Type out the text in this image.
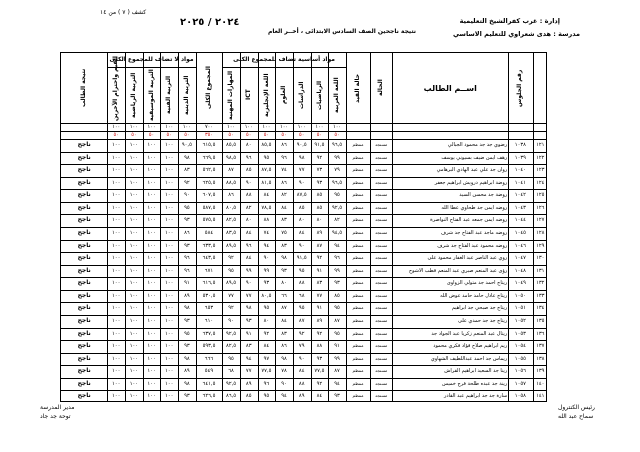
كشف ( ٧ ) من ١٤
إدارة : غرب كفرالشيخ التعليمية
مدرسة : هدى شعراوي للتعليم الاساسي
نتيجة ناجحين الصف السادس الابتدائى ، أخــر العام
٢٠٢٤ / ٢٠٢٥
مواد أساسية تضاف للمجموع الكلى
مواد لا تضاف للمجموع الكلى
رقم الجلوس
اســم الطالب
الحالة
حالة القيد
اللغة العربية
الرياضيات
الدراسات
العلوم
اللغة الإنجليزية
ICT
المهارات المهنية
المجموع الكلى
التربية الدينية
التربية الفنية
التربية الموسيقية
التربية الرياضية
القيم واحترام الآخرين
نتيجة الطالب
١٠٠
٥٠
١٠٠
٥٠
١٠٠
٥٠
١٠٠
٥٠
١٠٠
٥٠
١٠٠
٥٠
١٠٠
٥٠
٧٠٠
٣٥٠
١٠٠
٥٠
١٠٠
٥٠
١٠٠
٥٠
١٠٠
٥٠
١٠٠
٥٠
١٢١
١٠٣٨
رضوي جد جد محمود الجبالي
مستجد
منتظم
٩٦,٥
٩١,٥
٩٠,٥
٨٦
٨٥,٥
٨٠
٨٥,٥
٦١٥,٥
٩٠,٥
١٠٠
١٠٠
١٠٠
١٠٠
ناجح
١٢٢
١٠٣٩
رهف ايمن ضيف بسيوني يوسف
مستجد
منتظم
٩٩
٩٢
٩٨
٩٦
٩٥
٩٦
٩٨,٥
٦٦٩,٥
٩٨
١٠٠
١٠٠
١٠٠
١٠٠
ناجح
١٢٣
١٠٤٠
روان جد علي عبد الهادي البرهامي
مستجد
منتظم
٧٩
٧٣
٧٧
٧٤
٨٧,٥
٨٥
٨٧
٥٦٢,٥
٨٣
١٠٠
١٠٠
١٠٠
١٠٠
ناجح
١٢٤
١٠٤١
روضة ابراهيم درويش ابراهيم جعفر
مستجد
منتظم
٩٦,٥
٩٣
٩٠
٨٦
٨١,٥
٩٠
٨٨,٥
٦٢٥,٥
٩٢
١٠٠
١٠٠
١٠٠
١٠٠
ناجح
١٢٥
١٠٤٢
روضة جد محسن السيد
مستجد
منتظم
٩٥
٨٥
٨٧,٥
٨٢
٨٤
٨٨
٨٦
٦٠٧,٥
٩٠
١٠٠
١٠٠
١٠٠
١٠٠
ناجح
١٢٦
١٠٤٣
روضه ايمن جد طحاوي عطا الله
مستجد
منتظم
٩٢,٥
٨٥
٨٥
٨٤
٧٨,٥
٨٢
٨٠,٥
٥٨٧,٥
٩٥
١٠٠
١٠٠
١٠٠
١٠٠
ناجح
١٢٧
١٠٤٤
روضه ايمن جمعه عبد الفتاح النواصرة
مستجد
منتظم
٨٢
٨٠
٨٠
٨٣
٨٨
٨٠
٨٢,٥
٥٧٥,٥
٩٣
١٠٠
١٠٠
١٠٠
١٠٠
ناجح
١٢٨
١٠٤٥
روضه ماجد عبد الفتاح جد شرف
مستجد
منتظم
٩٤,٥
٨٩
٨٤
٧٥
٧٤
٨٤
٨٣,٥
٥٨٤
٨٦
١٠٠
١٠٠
١٠٠
١٠٠
ناجح
١٢٩
١٠٤٦
روضه محمود عبد الفتاح جد شرف
مستجد
منتظم
٩٤
٨٧
٩٠
٨٣
٩٤
٩٦
٨٩,٥
٦٣٣,٥
٩٣
١٠٠
١٠٠
١٠٠
١٠٠
ناجح
١٣٠
١٠٤٧
روي عبد الناصر عبد الغفار محمود على
مستجد
منتظم
٩٦
٩٢
٩١,٥
٩٨
٩٠
٨٤
٩٢
٦٤٣,٥
٩٦
١٠٠
١٠٠
١٠٠
١٠٠
ناجح
١٣١
١٠٤٨
رؤى عبد المنعم صبري عبد المنعم قطب الاشوح
مستجد
منتظم
٩٩
٩١
٩٥
٩٣
٩٩
٩٩
٩٥
٦٧١
٩٦
١٠٠
١٠٠
١٠٠
١٠٠
ناجح
١٣٢
١٠٤٩
ريتاج احمد جد متولي الزواوى
مستجد
منتظم
٩٣
٨٣
٨٨
٨٠
٩٣
٩٠
٨٩,٥
٦١٦,٥
٩١
١٠٠
١٠٠
١٠٠
١٠٠
ناجح
١٣٣
١٠٥٠
ريتاج عادل حامد حامد عوض الله
مستجد
منتظم
٨٥
٧٧
٦٨
٦٦
٨٠,٥
٧٧
٧٧
٥٣٠,٥
٨٩
١٠٠
١٠٠
١٠٠
١٠٠
ناجح
١٣٤
١٠٥١
ريتاج جد صبحي جد ابراهيم
مستجد
منتظم
٩٥
٩١
٩٥
٨٧
٩٥
٩٨
٩٢
٦٥٣
٩٨
١٠٠
١٠٠
١٠٠
١٠٠
ناجح
١٣٥
١٠٥٢
ريتاج جد جد حمدي على
مستجد
منتظم
٨٧
٨٩
٨٧
٨٤
٨٠
٩٣
٩٠
٦١٠
٩٣
١٠٠
١٠٠
١٠٠
١٠٠
ناجح
١٣٦
١٠٥٣
ريتال عبد المنعم زكريا عبد الجواد جد
مستجد
منتظم
٩٥
٩٢
٩٢
٨٣
٩٢
٩١
٩٢,٥
٦٣٧,٥
٩٥
١٠٠
١٠٠
١٠٠
١٠٠
ناجح
١٣٧
١٠٥٤
ريم ابراهيم صلاح فؤاد فكري محمود
مستجد
منتظم
٩١
٨٨
٧٩
٨٦
٨٤
٨٣
٨٢,٥
٥٩٣,٥
٩٣
١٠٠
١٠٠
١٠٠
١٠٠
ناجح
١٣٨
١٠٥٥
ريماس جد احمد عبداللطيف الشهاوي
مستجد
منتظم
٩٩
٩٣
٩٠
٩٨
٩٧
٩٤
٩٥
٦٦٦
٩٨
١٠٠
١٠٠
١٠٠
١٠٠
ناجح
١٣٩
١٠٥٦
رينا جد السعيد ابراهيم القراش
مستجد
منتظم
٨٧
٧٧,٥
٨٤
٧٨
٧٧,٥
٧٧
٦٨
٥٤٩
٨٩
١٠٠
١٠٠
١٠٠
١٠٠
ناجح
١٤٠
١٠٥٧
رينة جد عبده طلحة فرج خميس
مستجد
منتظم
٩٤
٩٢
٨٨
٩٠
٩٦
٨٩
٩٢,٥
٦٤١,٥
٩٨
١٠٠
١٠٠
١٠٠
١٠٠
ناجح
١٤١
١٠٥٨
سارة جد جد ابراهيم عبد القادر
مستجد
منتظم
٩٣
٨٤
٨٩
٩٤
٩٥
٨٥
٨٦,٥
٦٢٦,٥
٩٣
١٠٠
١٠٠
١٠٠
١٠٠
ناجح
مدير المدرسة
توحة جد جاد
رئيس الكنترول
سماح عبد الله
